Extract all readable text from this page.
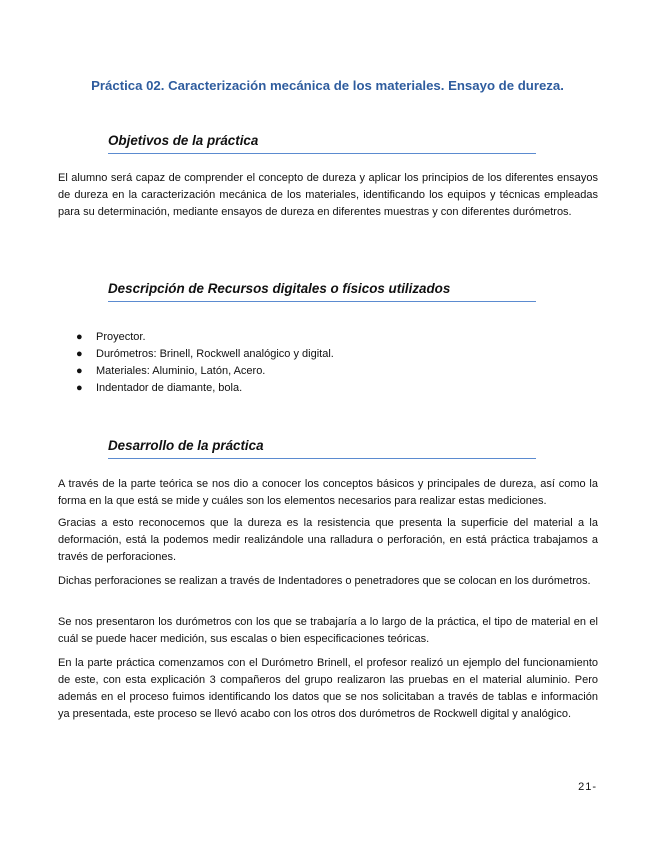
Práctica 02. Caracterización mecánica de los materiales. Ensayo de dureza.
Objetivos de la práctica

El alumno será capaz de comprender el concepto de dureza y aplicar los principios de los diferentes ensayos de dureza en la caracterización mecánica de los materiales, identificando los equipos y técnicas empleadas para su determinación, mediante ensayos de dureza en diferentes muestras y con diferentes durómetros.

Descripción de Recursos digitales o físicos utilizados
● Proyector.
● Durómetros: Brinell, Rockwell analógico y digital.
● Materiales: Aluminio, Latón, Acero.
● Indentador de diamante, bola.
Desarrollo de la práctica

A través de la parte teórica se nos dio a conocer los conceptos básicos y principales de dureza, así como la forma en la que está se mide y cuáles son los elementos necesarios para realizar estas mediciones.

Gracias a esto reconocemos que la dureza es la resistencia que presenta la superficie del material a la deformación, está la podemos medir realizándole una ralladura o perforación, en está práctica trabajamos a través de perforaciones.

Dichas perforaciones se realizan a través de Indentadores o penetradores que se colocan en los durómetros.

Se nos presentaron los durómetros con los que se trabajaría a lo largo de la práctica, el tipo de material en el cuál se puede hacer medición, sus escalas o bien especificaciones teóricas.

En la parte práctica comenzamos con el Durómetro Brinell, el profesor realizó un ejemplo del funcionamiento de este, con esta explicación 3 compañeros del grupo realizaron las pruebas en el material aluminio. Pero además en el proceso fuimos identificando los datos que se nos solicitaban a través de tablas e información ya presentada, este proceso se llevó acabo con los otros dos durómetros de Rockwell digital y analógico.

21-
